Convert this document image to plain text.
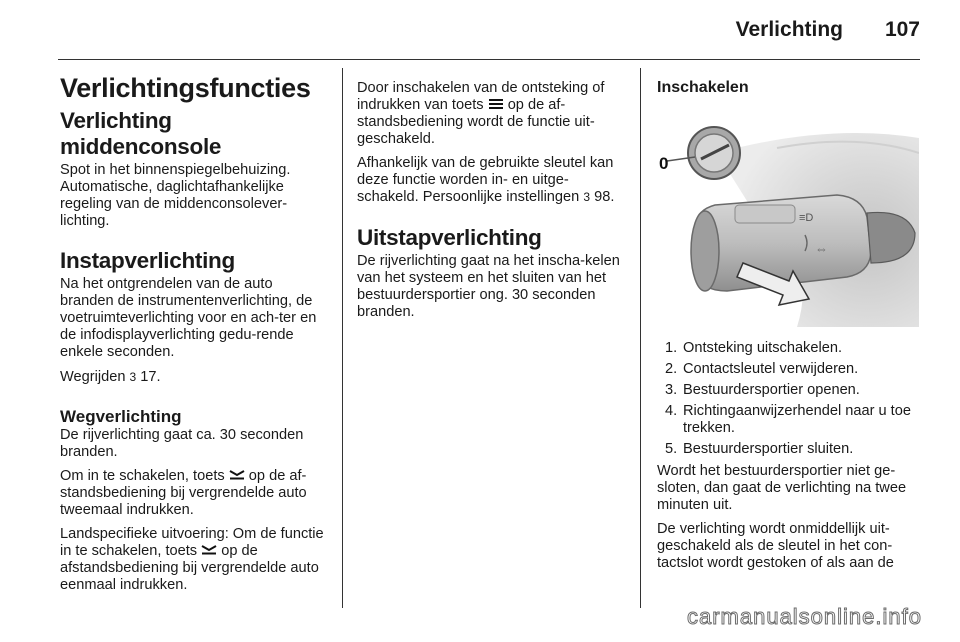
Verlichting 107
Verlichtingsfuncties
Verlichting middenconsole

Spot in het binnenspiegelbehuizing. Automatische, daglichtafhankelijke regeling van de middenconsolever-lichting.

Instapverlichting

Na het ontgrendelen van de auto branden de instrumentenverlichting, de voetruimteverlichting voor en ach-ter en de infodisplayverlichting gedu-rende enkele seconden.

Wegrijden 3 17.

Wegverlichting

De rijverlichting gaat ca. 30 seconden branden.

Om in te schakelen, toets op de af-standsbediening bij vergrendelde auto tweemaal indrukken.

Landspecifieke uitvoering: Om de functie in te schakelen, toets op de afstandsbediening bij vergrendelde auto eenmaal indrukken.

Door inschakelen van de ontsteking of indrukken van toets op de af-standsbediening wordt de functie uit-geschakeld.

Afhankelijk van de gebruikte sleutel kan deze functie worden in- en uitge-schakeld. Persoonlijke instellingen 3 98.

Uitstapverlichting

De rijverlichting gaat na het inscha-kelen van het systeem en het sluiten van het bestuurdersportier ong. 30 seconden branden.

Inschakelen
0
≡D
⇔
1. Ontsteking uitschakelen.
2. Contactsleutel verwijderen.
3. Bestuurdersportier openen.
4. Richtingaanwijzerhendel naar u toe trekken.
5. Bestuurdersportier sluiten.

Wordt het bestuurdersportier niet ge-sloten, dan gaat de verlichting na twee minuten uit.

De verlichting wordt onmiddellijk uit-geschakeld als de sleutel in het con-tactslot wordt gestoken of als aan de

carmanualsonline.info
